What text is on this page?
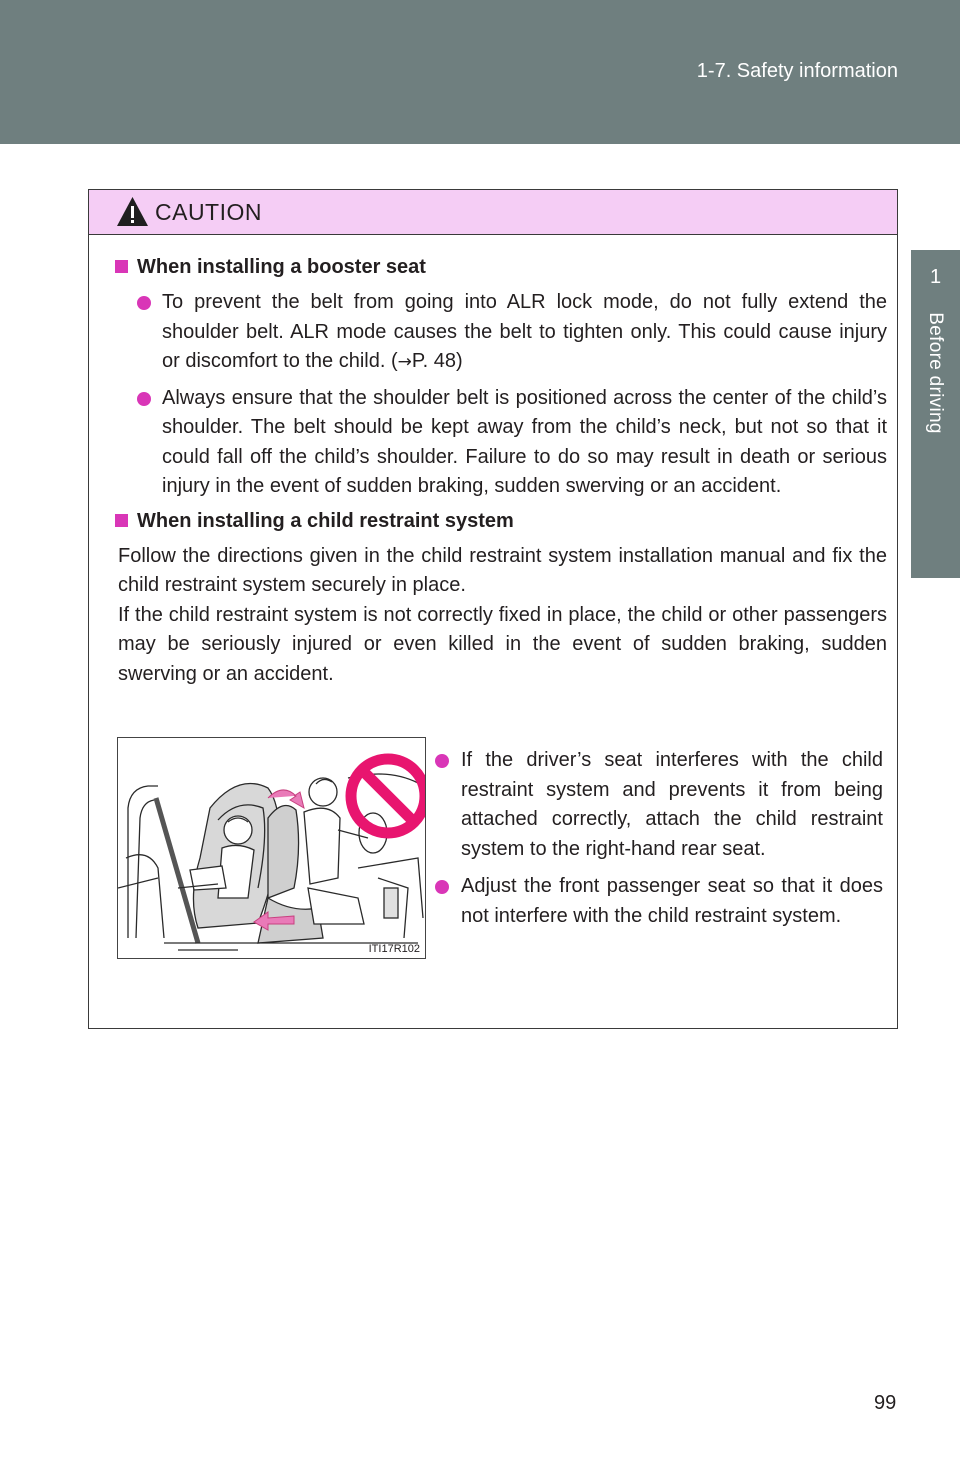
1-7. Safety information
1
Before driving
CAUTION
When installing a booster seat
To prevent the belt from going into ALR lock mode, do not fully extend the shoulder belt. ALR mode causes the belt to tighten only. This could cause injury or discomfort to the child. (→P. 48)
Always ensure that the shoulder belt is positioned across the center of the child’s shoulder. The belt should be kept away from the child’s neck, but not so that it could fall off the child’s shoulder. Failure to do so may result in death or serious injury in the event of sudden braking, sudden swerving or an accident.
When installing a child restraint system
Follow the directions given in the child restraint system installation manual and fix the child restraint system securely in place.
If the child restraint system is not correctly fixed in place, the child or other passengers may be seriously injured or even killed in the event of sudden braking, sudden swerving or an accident.
ITI17R102
If the driver’s seat interferes with the child restraint system and prevents it from being attached correctly, attach the child restraint system to the right-hand rear seat.
Adjust the front passenger seat so that it does not interfere with the child restraint system.
99
